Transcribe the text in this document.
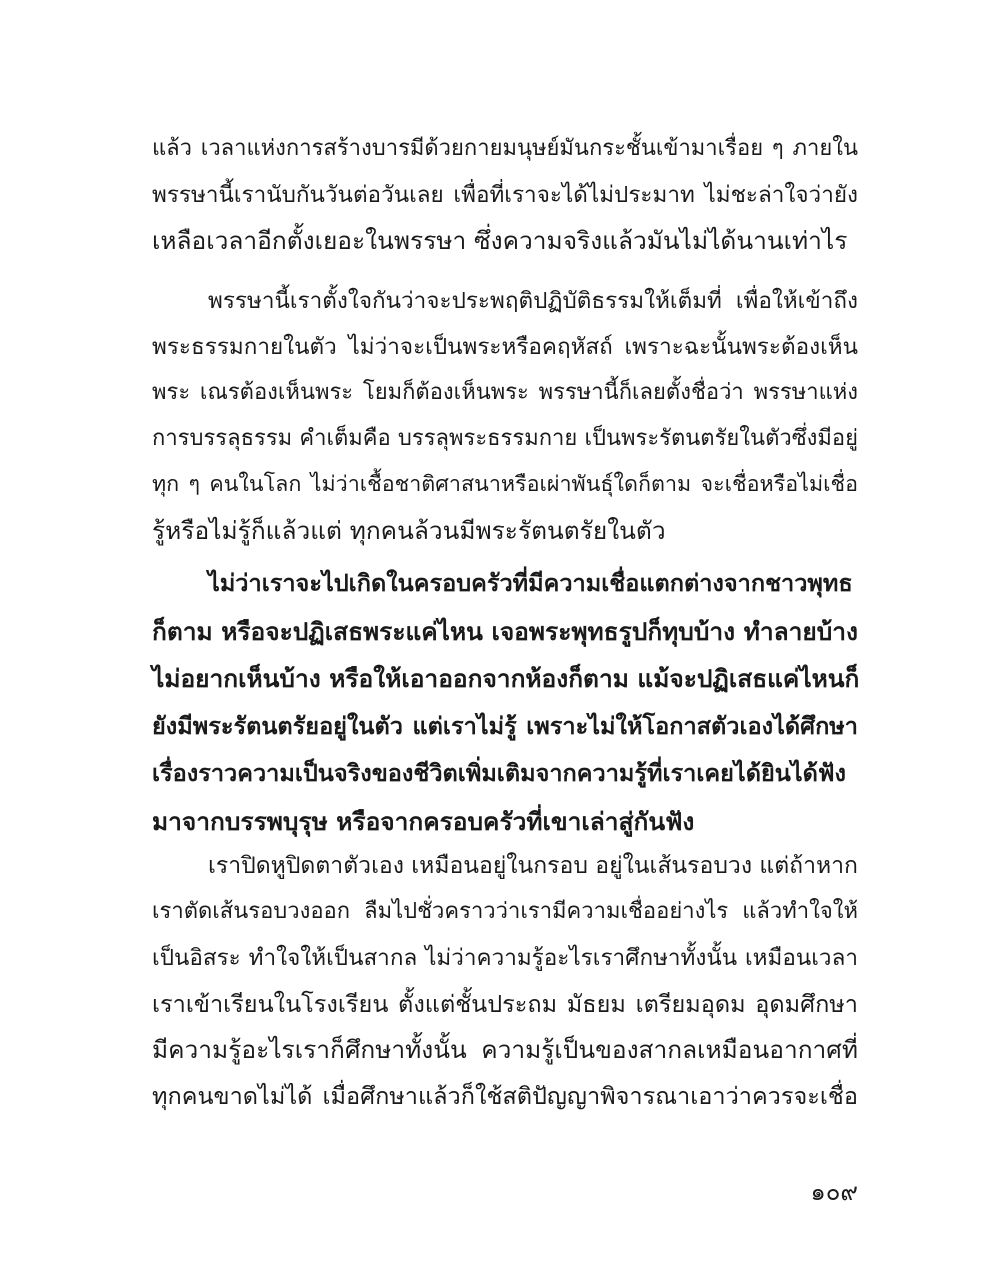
แล้ว เวลาแห่งการสร้างบารมีด้วยกายมนุษย์มันกระชั้นเข้ามาเรื่อย ๆ ภายใน
พรรษานี้เรานับกันวันต่อวันเลย เพื่อที่เราจะได้ไม่ประมาท ไม่ชะล่าใจว่ายัง
เหลือเวลาอีกตั้งเยอะในพรรษา ซึ่งความจริงแล้วมันไม่ได้นานเท่าไร
พรรษานี้เราตั้งใจกันว่าจะประพฤติปฏิบัติธรรมให้เต็มที่ เพื่อให้เข้าถึง
พระธรรมกายในตัว ไม่ว่าจะเป็นพระหรือคฤหัสถ์ เพราะฉะนั้นพระต้องเห็น
พระ เณรต้องเห็นพระ โยมก็ต้องเห็นพระ พรรษานี้ก็เลยตั้งชื่อว่า พรรษาแห่ง
การบรรลุธรรม คำเต็มคือ บรรลุพระธรรมกาย เป็นพระรัตนตรัยในตัวซึ่งมีอยู่
ทุก ๆ คนในโลก ไม่ว่าเชื้อชาติศาสนาหรือเผ่าพันธุ์ใดก็ตาม จะเชื่อหรือไม่เชื่อ
รู้หรือไม่รู้ก็แล้วแต่ ทุกคนล้วนมีพระรัตนตรัยในตัว
ไม่ว่าเราจะไปเกิดในครอบครัวที่มีความเชื่อแตกต่างจากชาวพุทธ
ก็ตาม หรือจะปฏิเสธพระแค่ไหน เจอพระพุทธรูปก็ทุบบ้าง ทำลายบ้าง
ไม่อยากเห็นบ้าง หรือให้เอาออกจากห้องก็ตาม แม้จะปฏิเสธแค่ไหนก็
ยังมีพระรัตนตรัยอยู่ในตัว แต่เราไม่รู้ เพราะไม่ให้โอกาสตัวเองได้ศึกษา
เรื่องราวความเป็นจริงของชีวิตเพิ่มเติมจากความรู้ที่เราเคยได้ยินได้ฟัง
มาจากบรรพบุรุษ หรือจากครอบครัวที่เขาเล่าสู่กันฟัง
เราปิดหูปิดตาตัวเอง เหมือนอยู่ในกรอบ อยู่ในเส้นรอบวง แต่ถ้าหาก
เราตัดเส้นรอบวงออก ลืมไปชั่วคราวว่าเรามีความเชื่ออย่างไร แล้วทำใจให้
เป็นอิสระ ทำใจให้เป็นสากล ไม่ว่าความรู้อะไรเราศึกษาทั้งนั้น เหมือนเวลา
เราเข้าเรียนในโรงเรียน ตั้งแต่ชั้นประถม มัธยม เตรียมอุดม อุดมศึกษา
มีความรู้อะไรเราก็ศึกษาทั้งนั้น ความรู้เป็นของสากลเหมือนอากาศที่
ทุกคนขาดไม่ได้ เมื่อศึกษาแล้วก็ใช้สติปัญญาพิจารณาเอาว่าควรจะเชื่อ
๑๐๙
